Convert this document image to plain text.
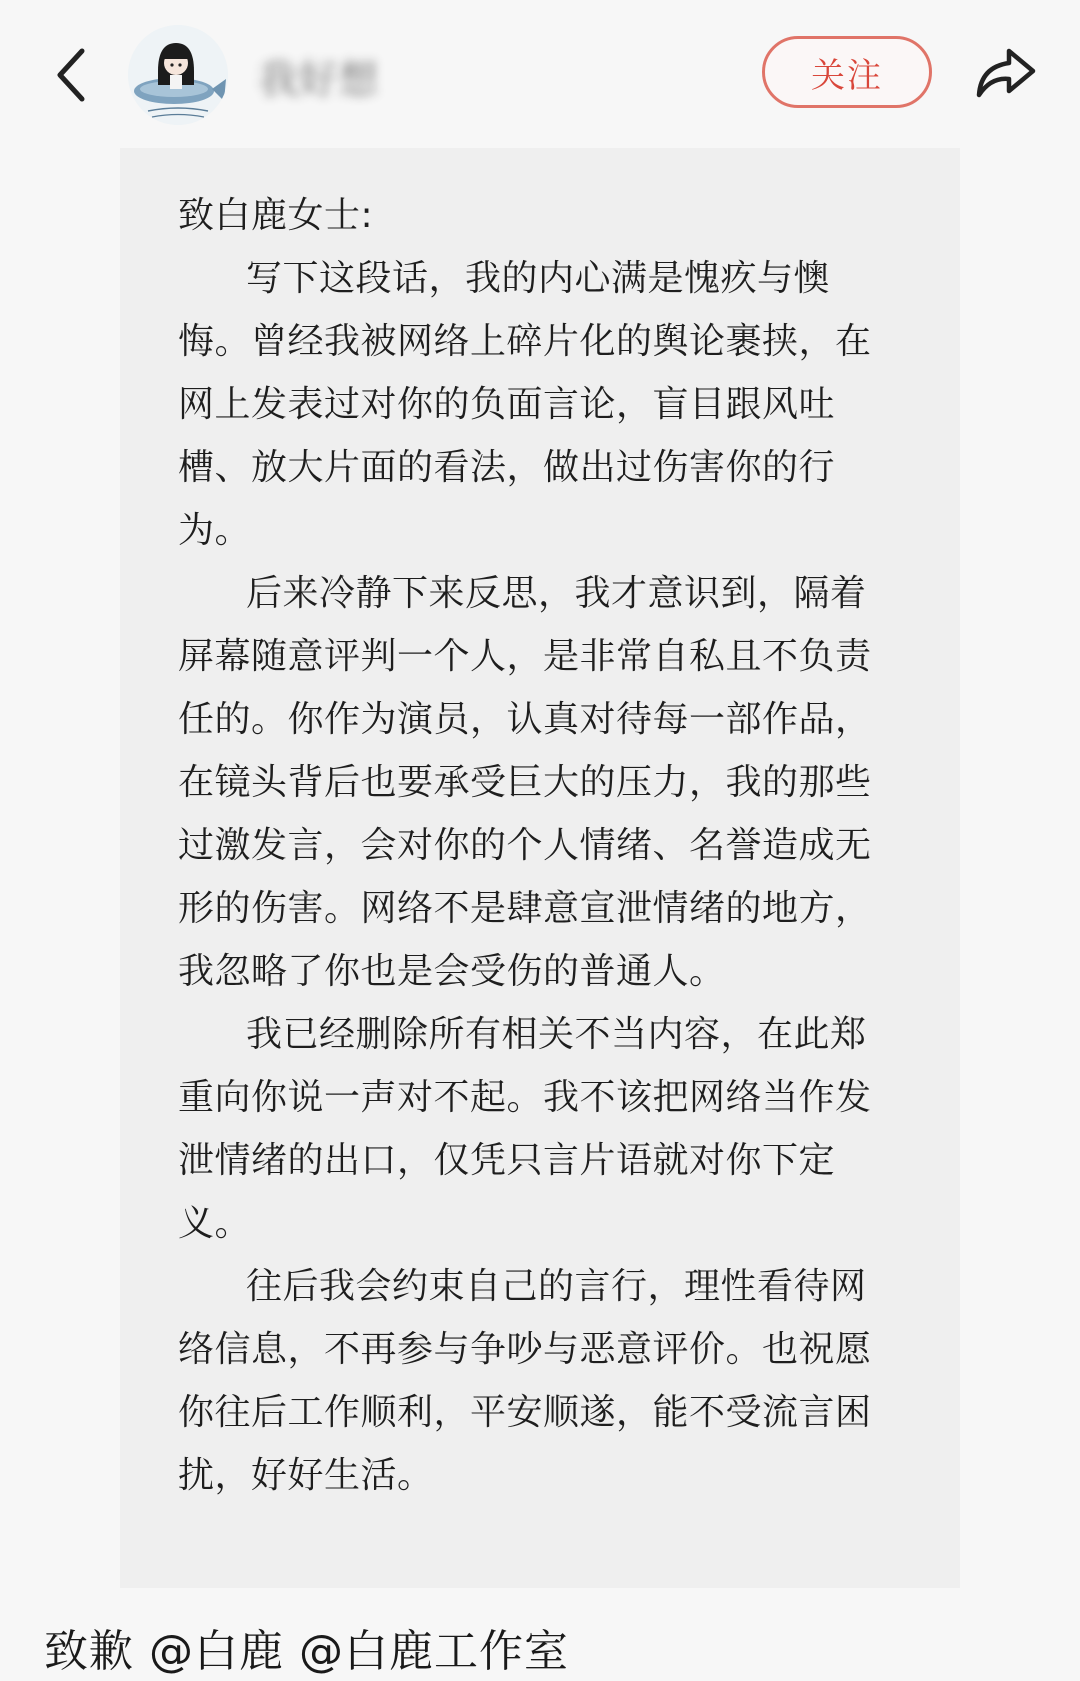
我好想	关注
致白鹿女士:

写下这段话，我的内心满是愧疚与懊
悔。曾经我被网络上碎片化的舆论裹挟，在
网上发表过对你的负面言论，盲目跟风吐
槽、放大片面的看法，做出过伤害你的行
为。

后来冷静下来反思，我才意识到，隔着
屏幕随意评判一个人，是非常自私且不负责
任的。你作为演员，认真对待每一部作品，
在镜头背后也要承受巨大的压力，我的那些
过激发言，会对你的个人情绪、名誉造成无
形的伤害。网络不是肆意宣泄情绪的地方，
我忽略了你也是会受伤的普通人。

我已经删除所有相关不当内容，在此郑
重向你说一声对不起。我不该把网络当作发
泄情绪的出口，仅凭只言片语就对你下定
义。

往后我会约束自己的言行，理性看待网
络信息，不再参与争吵与恶意评价。也祝愿
你往后工作顺利，平安顺遂，能不受流言困
扰，好好生活。

致歉 @白鹿 @白鹿工作室
